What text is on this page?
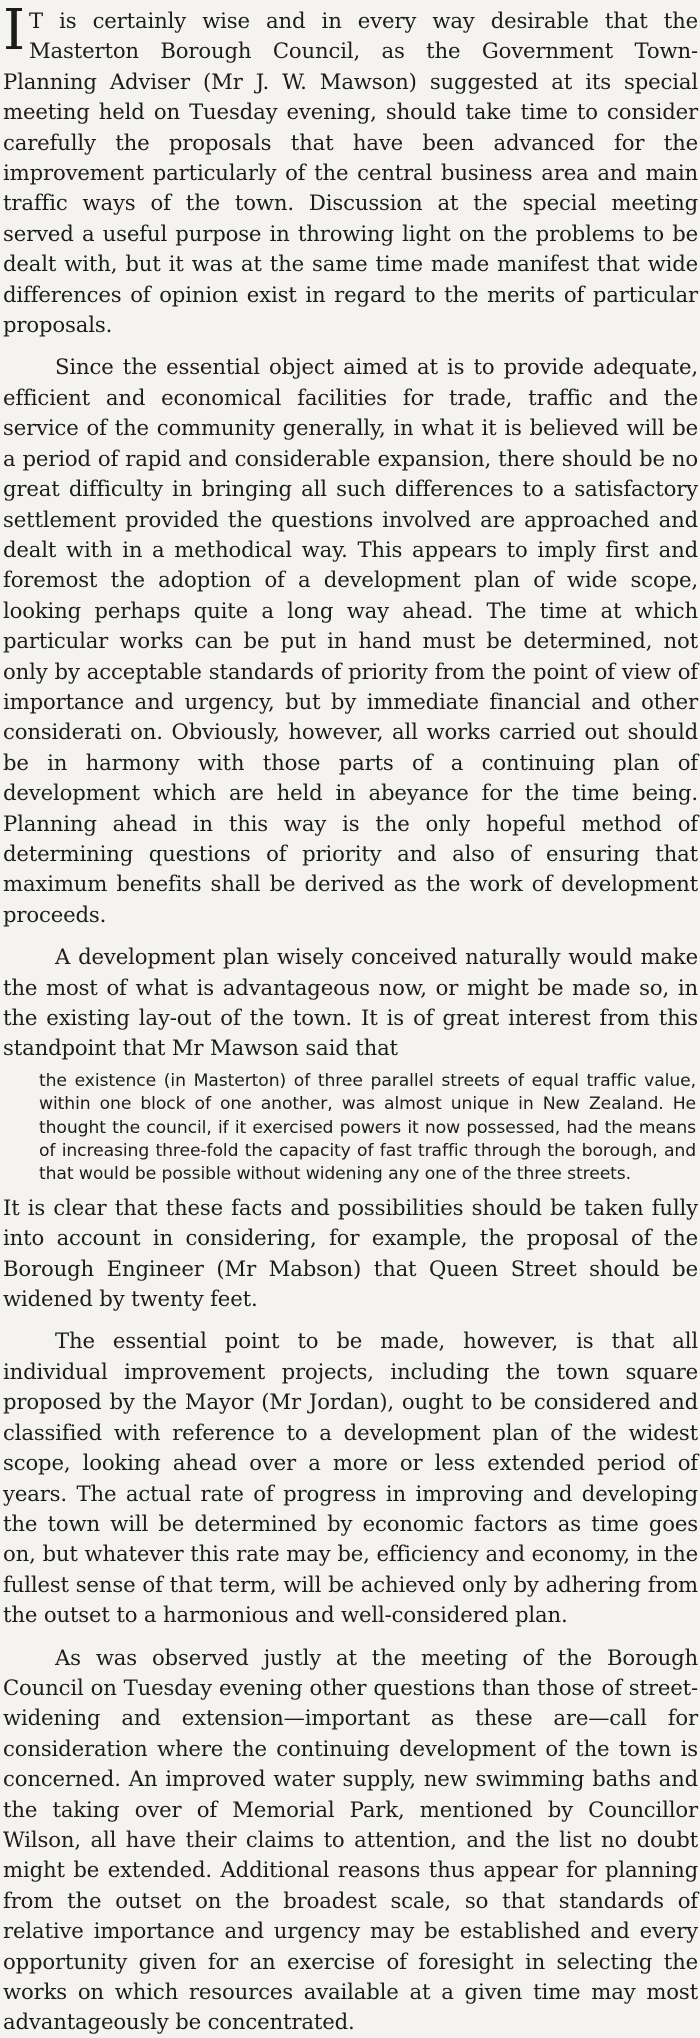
I T is certainly wise and in every way desirable that the Masterton Borough Council, as the Government Town-Planning Adviser (Mr J. W. Mawson) suggested at its special meeting held on Tuesday evening, should take time to consider carefully the proposals that have been advanced for the improvement particularly of the central business area and main traffic ways of the town. Discussion at the special meeting served a useful purpose in throwing light on the problems to be dealt with, but it was at the same time made manifest that wide differences of opinion exist in regard to the merits of particular proposals.

Since the essential object aimed at is to provide adequate, efficient and economical facilities for trade, traffic and the service of the community generally, in what it is believed will be a period of rapid and considerable expansion, there should be no great difficulty in bringing all such differences to a satisfactory settlement provided the questions involved are approached and dealt with in a methodical way. This appears to imply first and foremost the adoption of a development plan of wide scope, looking perhaps quite a long way ahead. The time at which particular works can be put in hand must be determined, not only by acceptable standards of priority from the point of view of importance and urgency, but by immediate financial and other considerati on. Obviously, however, all works carried out should be in harmony with those parts of a continuing plan of development which are held in abeyance for the time being. Planning ahead in this way is the only hopeful method of determining questions of priority and also of ensuring that maximum benefits shall be derived as the work of development proceeds.

A development plan wisely conceived naturally would make the most of what is advantageous now, or might be made so, in the existing lay-out of the town. It is of great interest from this standpoint that Mr Mawson said that

the existence (in Masterton) of three parallel streets of equal traffic value, within one block of one another, was almost unique in New Zealand. He thought the council, if it exercised powers it now possessed, had the means of increasing three-fold the capacity of fast traffic through the borough, and that would be possible without widening any one of the three streets.

It is clear that these facts and possibilities should be taken fully into account in considering, for example, the proposal of the Borough Engineer (Mr Mabson) that Queen Street should be widened by twenty feet.

The essential point to be made, however, is that all individual improvement projects, including the town square proposed by the Mayor (Mr Jordan), ought to be considered and classified with reference to a development plan of the widest scope, looking ahead over a more or less extended period of years. The actual rate of progress in improving and developing the town will be determined by economic factors as time goes on, but whatever this rate may be, efficiency and economy, in the fullest sense of that term, will be achieved only by adhering from the outset to a harmonious and well-considered plan.

As was observed justly at the meeting of the Borough Council on Tuesday evening other questions than those of street-widening and extension—important as these are—call for consideration where the continuing development of the town is concerned. An improved water supply, new swimming baths and the taking over of Memorial Park, mentioned by Councillor Wilson, all have their claims to attention, and the list no doubt might be extended. Additional reasons thus appear for planning from the outset on the broadest scale, so that standards of relative importance and urgency may be established and every opportunity given for an exercise of foresight in selecting the works on which resources available at a given time may most advantageously be concentrated.
